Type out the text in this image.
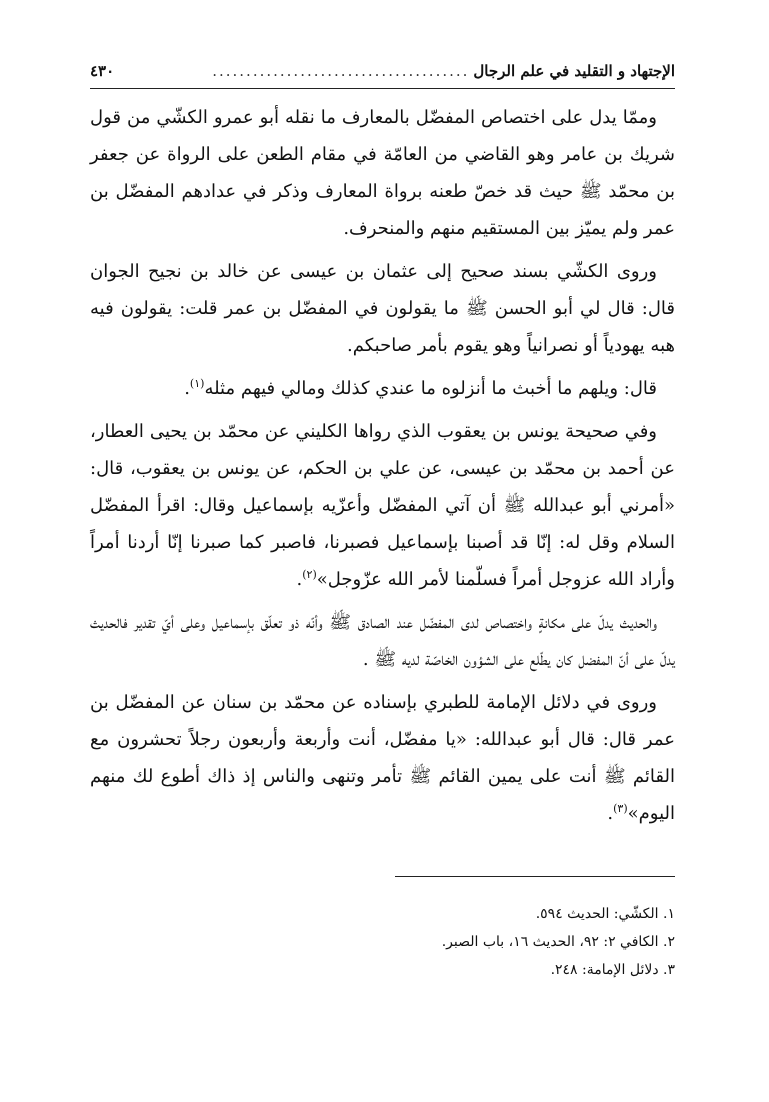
الإجتهاد و التقليد في علم الرجال
......................................
٤٣٠

وممّا يدل على اختصاص المفضّل بالمعارف ما نقله أبو عمرو الكشّي من قول شريك بن عامر وهو القاضي من العامّة في مقام الطعن على الرواة عن جعفر بن محمّد ﷺ حيث قد خصّ طعنه برواة المعارف وذكر في عدادهم المفضّل بن عمر ولم يميّز بين المستقيم منهم والمنحرف.

وروى الكشّي بسند صحيح إلى عثمان بن عيسى عن خالد بن نجيح الجوان قال: قال لي أبو الحسن ﷺ ما يقولون في المفضّل بن عمر قلت: يقولون فيه هبه يهودياً أو نصرانياً وهو يقوم بأمر صاحبكم.

قال: ويلهم ما أخبث ما أنزلوه ما عندي كذلك ومالي فيهم مثله$^{(١)}$.

وفي صحيحة يونس بن يعقوب الذي رواها الكليني عن محمّد بن يحيى العطار، عن أحمد بن محمّد بن عيسى، عن علي بن الحكم، عن يونس بن يعقوب، قال: «أمرني أبو عبدالله ﷺ أن آتي المفضّل وأعزّيه بإسماعيل وقال: اقرأ المفضّل السلام وقل له: إنّا قد أصبنا بإسماعيل فصبرنا، فاصبر كما صبرنا إنّا أردنا أمراً وأراد الله عزوجل أمراً فسلّمنا لأمر الله عزّوجل»$^{(٢)}$.

والحديث يدلّ على مكانةٍ واختصاص لدى المفضّل عند الصادق ﷺ وأنّه ذو تعلّق بإسماعيل وعلى أيّ تقدير فالحديث يدلّ على أنّ المفضل كان يطّلع على الشؤون الخاصّة لديه ﷺ .

وروى في دلائل الإمامة للطبري بإسناده عن محمّد بن سنان عن المفضّل بن عمر قال: قال أبو عبدالله: «يا مفضّل، أنت وأربعة وأربعون رجلاً تحشرون مع القائم ﷺ أنت على يمين القائم ﷺ تأمر وتنهى والناس إذ ذاك أطوع لك منهم اليوم»$^{(٣)}$.

١. الكشّي: الحديث ٥٩٤.

٢. الكافي ٢: ٩٢، الحديث ١٦، باب الصبر.

٣. دلائل الإمامة: ٢٤٨.
